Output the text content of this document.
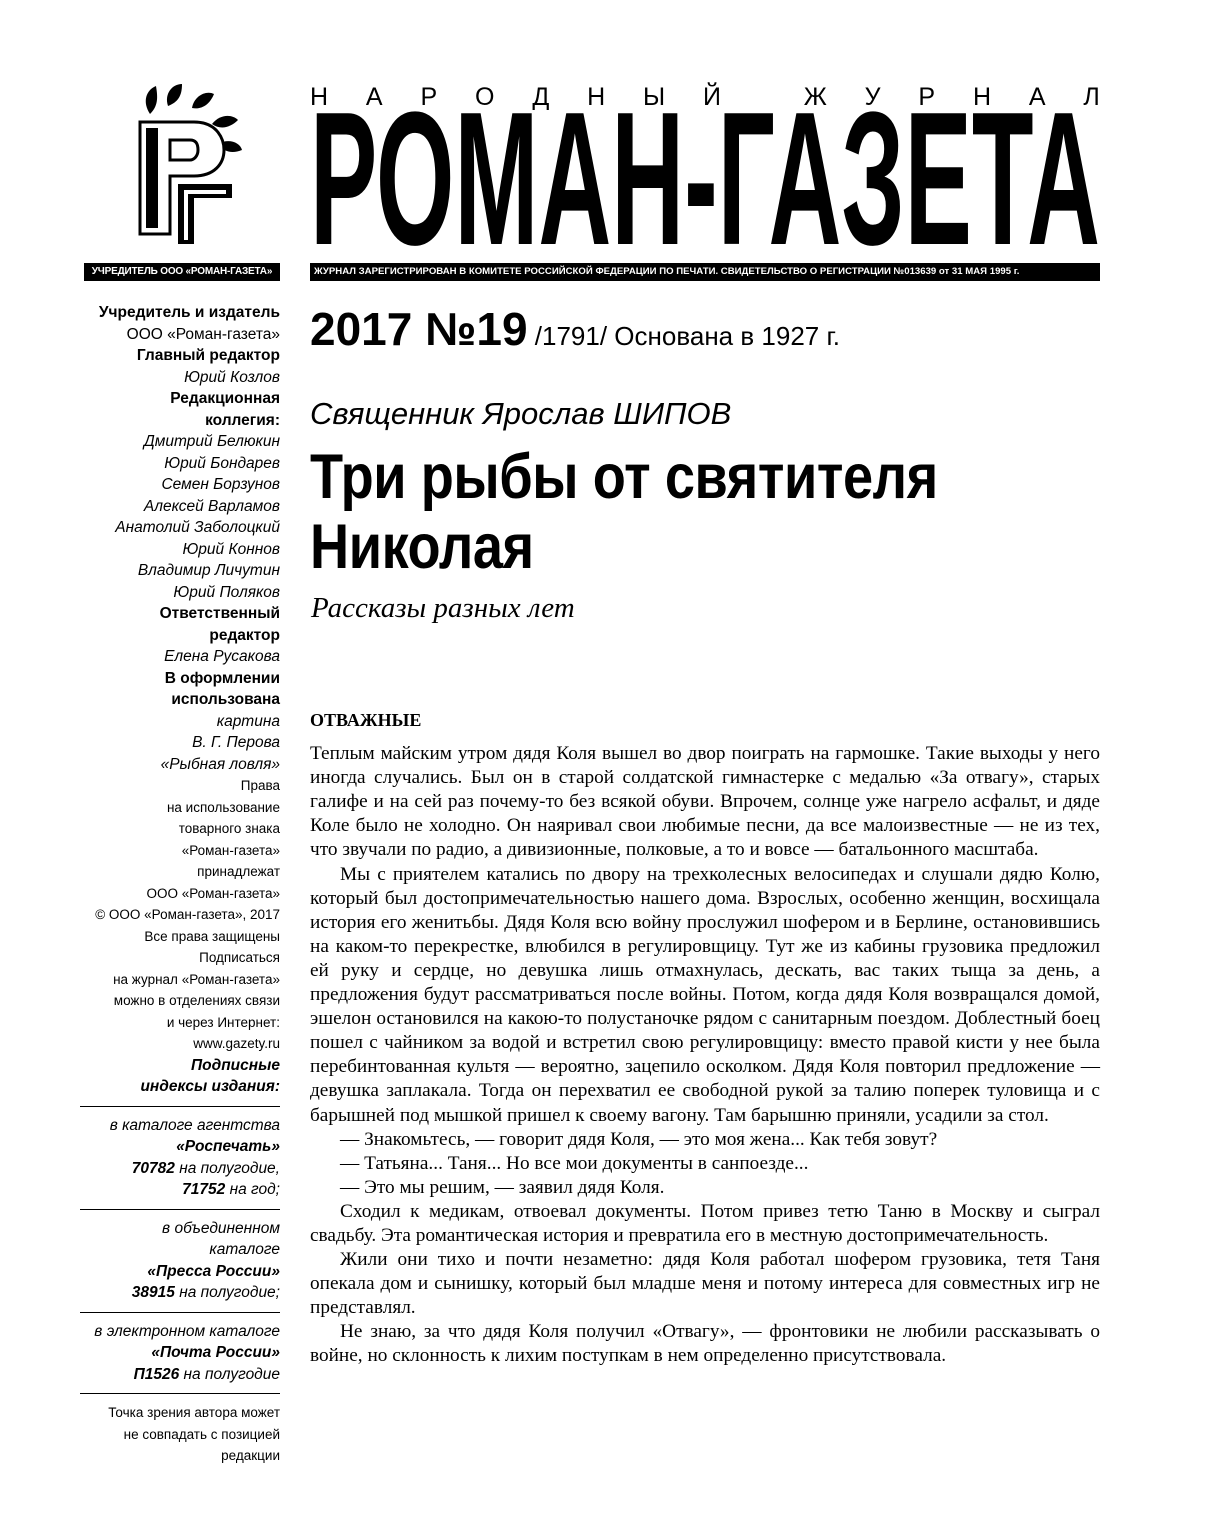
УЧРЕДИТЕЛЬ ООО «РОМАН-ГАЗЕТА»
Н А Р О Д Н Ы Й
	Ж У Р Н А Л
РОМАН-ГАЗЕТА
ЖУРНАЛ ЗАРЕГИСТРИРОВАН В КОМИТЕТЕ РОССИЙСКОЙ ФЕДЕРАЦИИ ПО ПЕЧАТИ. СВИДЕТЕЛЬСТВО О РЕГИСТРАЦИИ №013639 от 31 МАЯ 1995 г.
Учредитель и издатель
ООО «Роман-газета»
Главный редактор
Юрий Козлов
Редакционная
коллегия:
Дмитрий Белюкин
Юрий Бондарев
Семен Борзунов
Алексей Варламов
Анатолий Заболоцкий
Юрий Коннов
Владимир Личутин
Юрий Поляков
Ответственный
редактор
Елена Русакова
В оформлении
использована
картина
В. Г. Перова
«Рыбная ловля»
Права
на использование
товарного знака
«Роман-газета»
принадлежат
ООО «Роман-газета»
© ООО «Роман-газета», 2017
Все права защищены
Подписаться
на журнал «Роман-газета»
можно в отделениях связи
и через Интернет:
www.gazety.ru
Подписные
индексы издания:
в каталоге агентства
«Роспечать»
70782 на полугодие,
71752 на год;
в объединенном
каталоге
«Пресса России»
38915 на полугодие;
в электронном каталоге
«Почта России»
П1526 на полугодие
Точка зрения автора может
не совпадать с позицией
редакции
2017 №19 /1791/ Основана в 1927 г.
Священник Ярослав ШИПОВ
Три рыбы от святителя
Николая
Рассказы разных лет
ОТВАЖНЫЕ

Теплым майским утром дядя Коля вышел во двор поиграть на гармошке. Такие выходы у него иногда случались. Был он в старой солдатской гимнастерке с медалью «За отвагу», старых галифе и на сей раз почему-то без всякой обуви. Впрочем, солнце уже нагрело асфальт, и дяде Коле было не холодно. Он наяривал свои любимые песни, да все малоизвестные — не из тех, что звучали по радио, а дивизионные, полковые, а то и вовсе — батальонного масштаба.

Мы с приятелем катались по двору на трехколесных велосипедах и слушали дядю Колю, который был достопримечательностью нашего дома. Взрослых, особенно женщин, восхищала история его женитьбы. Дядя Коля всю войну прослужил шофером и в Берлине, остановившись на каком-то перекрестке, влюбился в регулировщицу. Тут же из кабины грузовика предложил ей руку и сердце, но девушка лишь отмахнулась, дескать, вас таких тыща за день, а предложения будут рассматриваться после войны. Потом, когда дядя Коля возвращался домой, эшелон остановился на какою-то полустаночке рядом с санитарным поездом. Доблестный боец пошел с чайником за водой и встретил свою регулировщицу: вместо правой кисти у нее была перебинтованная культя — вероятно, зацепило осколком. Дядя Коля повторил предложение — девушка заплакала. Тогда он перехватил ее свободной рукой за талию поперек туловища и с барышней под мышкой пришел к своему вагону. Там барышню приняли, усадили за стол.

— Знакомьтесь, — говорит дядя Коля, — это моя жена... Как тебя зовут?

— Татьяна... Таня... Но все мои документы в санпоезде...

— Это мы решим, — заявил дядя Коля.

Сходил к медикам, отвоевал документы. Потом привез тетю Таню в Москву и сыграл свадьбу. Эта романтическая история и превратила его в местную достопримечательность.

Жили они тихо и почти незаметно: дядя Коля работал шофером грузовика, тетя Таня опекала дом и сынишку, который был младше меня и потому интереса для совместных игр не представлял.

Не знаю, за что дядя Коля получил «Отвагу», — фронтовики не любили рассказывать о войне, но склонность к лихим поступкам в нем определенно присутствовала.
